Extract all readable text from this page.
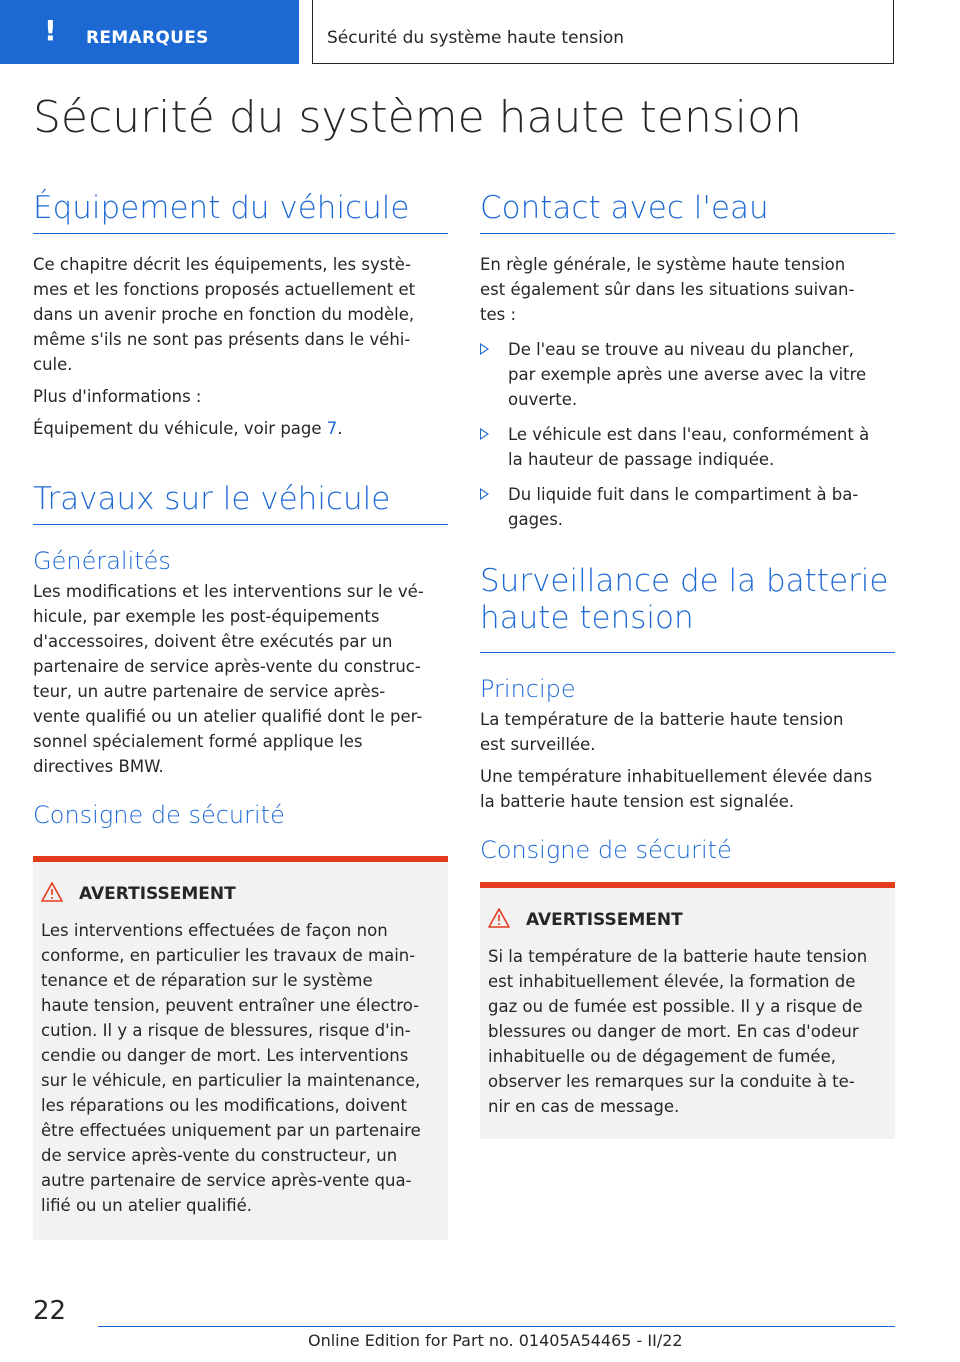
! REMARQUES	Sécurité du système haute tension
Sécurité du système haute tension
Équipement du véhicule

Ce chapitre décrit les équipements, les systè-
mes et les fonctions proposés actuellement et
dans un avenir proche en fonction du modèle,
même s'ils ne sont pas présents dans le véhi-
cule.

Plus d'informations :

Équipement du véhicule, voir page 7.

Travaux sur le véhicule
Généralités

Les modifications et les interventions sur le vé-
hicule, par exemple les post-équipements
d'accessoires, doivent être exécutés par un
partenaire de service après-vente du construc-
teur, un autre partenaire de service après-
vente qualifié ou un atelier qualifié dont le per-
sonnel spécialement formé applique les
directives BMW.

Consigne de sécurité
AVERTISSEMENT

Les interventions effectuées de façon non
conforme, en particulier les travaux de main-
tenance et de réparation sur le système
haute tension, peuvent entraîner une électro-
cution. Il y a risque de blessures, risque d'in-
cendie ou danger de mort. Les interventions
sur le véhicule, en particulier la maintenance,
les réparations ou les modifications, doivent
être effectuées uniquement par un partenaire
de service après-vente du constructeur, un
autre partenaire de service après-vente qua-
lifié ou un atelier qualifié.

Contact avec l'eau

En règle générale, le système haute tension
est également sûr dans les situations suivan-
tes :

De l'eau se trouve au niveau du plancher,
par exemple après une averse avec la vitre
ouverte.
Le véhicule est dans l'eau, conformément à
la hauteur de passage indiquée.
Du liquide fuit dans le compartiment à ba-
gages.
Surveillance de la batterie
haute tension
Principe

La température de la batterie haute tension
est surveillée.

Une température inhabituellement élevée dans
la batterie haute tension est signalée.

Consigne de sécurité
AVERTISSEMENT

Si la température de la batterie haute tension
est inhabituellement élevée, la formation de
gaz ou de fumée est possible. Il y a risque de
blessures ou danger de mort. En cas d'odeur
inhabituelle ou de dégagement de fumée,
observer les remarques sur la conduite à te-
nir en cas de message.

22
Online Edition for Part no. 01405A54465 - II/22
